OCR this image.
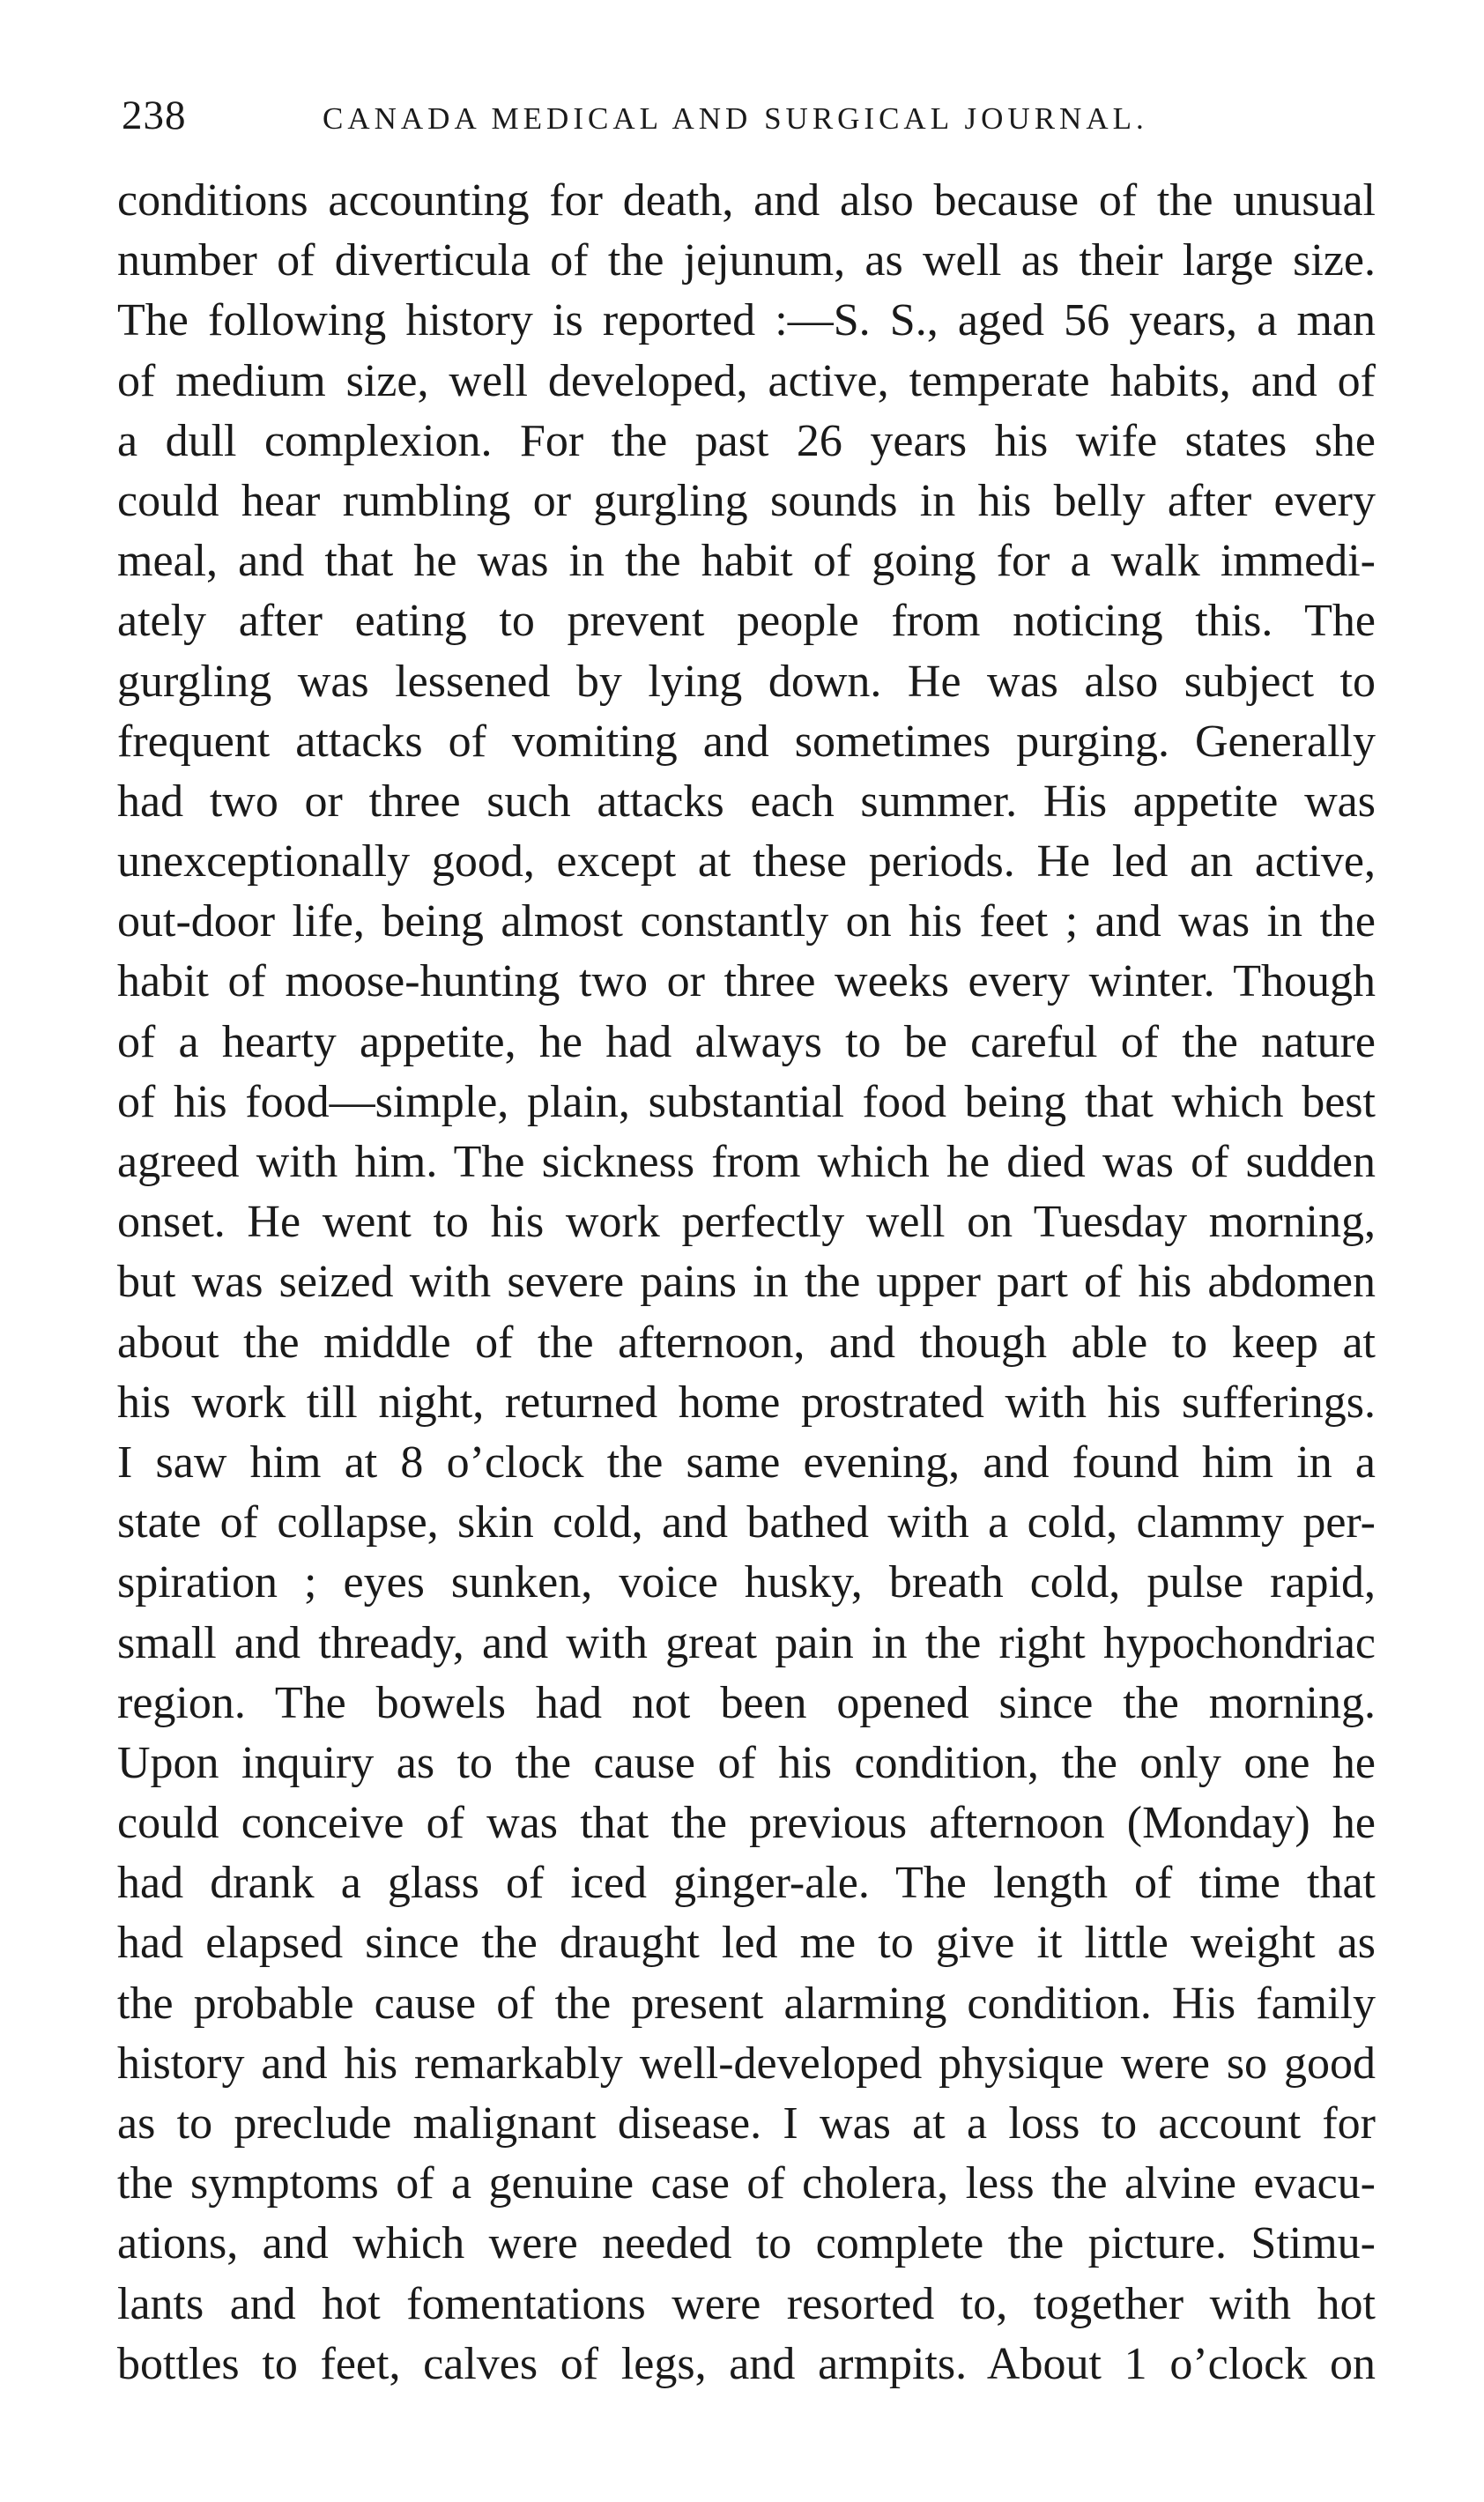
238	CANADA MEDICAL AND SURGICAL JOURNAL.
conditions accounting for death, and also because of the unusual
number of diverticula of the jejunum, as well as their large size.
The following history is reported :—S. S., aged 56 years, a man
of medium size, well developed, active, temperate habits, and of
a dull complexion. For the past 26 years his wife states she
could hear rumbling or gurgling sounds in his belly after every
meal, and that he was in the habit of going for a walk immedi-
ately after eating to prevent people from noticing this. The
gurgling was lessened by lying down. He was also subject to
frequent attacks of vomiting and sometimes purging. Generally
had two or three such attacks each summer. His appetite was
unexceptionally good, except at these periods. He led an active,
out-door life, being almost constantly on his feet ; and was in the
habit of moose-hunting two or three weeks every winter. Though
of a hearty appetite, he had always to be careful of the nature
of his food—simple, plain, substantial food being that which best
agreed with him. The sickness from which he died was of sudden
onset. He went to his work perfectly well on Tuesday morning,
but was seized with severe pains in the upper part of his abdomen
about the middle of the afternoon, and though able to keep at
his work till night, returned home prostrated with his sufferings.
I saw him at 8 o’clock the same evening, and found him in a
state of collapse, skin cold, and bathed with a cold, clammy per-
spiration ; eyes sunken, voice husky, breath cold, pulse rapid,
small and thready, and with great pain in the right hypochondriac
region. The bowels had not been opened since the morning.
Upon inquiry as to the cause of his condition, the only one he
could conceive of was that the previous afternoon (Monday) he
had drank a glass of iced ginger-ale. The length of time that
had elapsed since the draught led me to give it little weight as
the probable cause of the present alarming condition. His family
history and his remarkably well-developed physique were so good
as to preclude malignant disease. I was at a loss to account for
the symptoms of a genuine case of cholera, less the alvine evacu-
ations, and which were needed to complete the picture. Stimu-
lants and hot fomentations were resorted to, together with hot
bottles to feet, calves of legs, and armpits. About 1 o’clock on
